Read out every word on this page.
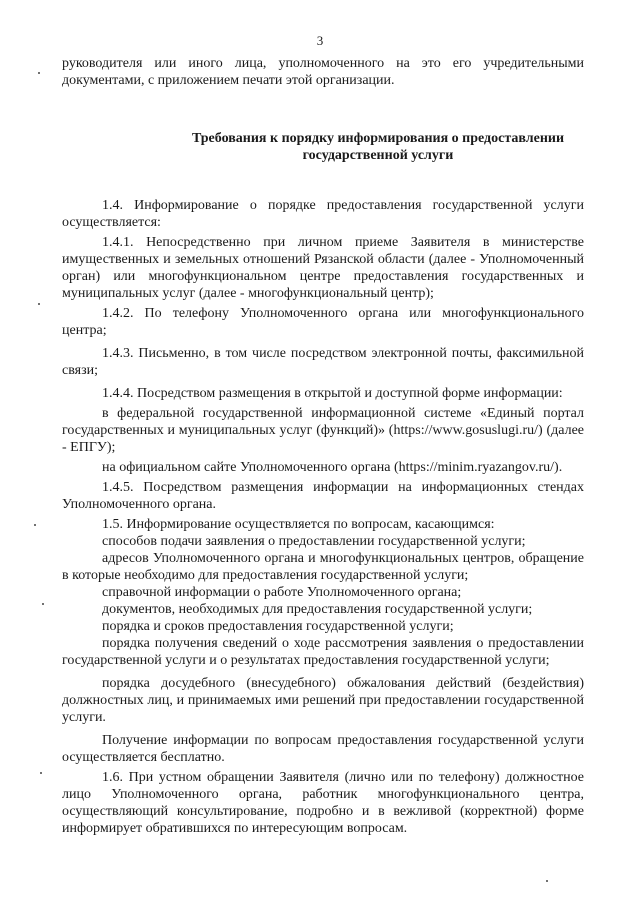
3

руководителя или иного лица, уполномоченного на это его учредительными документами, с приложением печати этой организации.

Требования к порядку информирования о предоставлении государственной услуги

1.4. Информирование о порядке предоставления государственной услуги осуществляется:

1.4.1. Непосредственно при личном приеме Заявителя в министерстве имущественных и земельных отношений Рязанской области (далее - Уполномоченный орган) или многофункциональном центре предоставления государственных и муниципальных услуг (далее - многофункциональный центр);

1.4.2. По телефону Уполномоченного органа или многофункционального центра;

1.4.3. Письменно, в том числе посредством электронной почты, факсимильной связи;

1.4.4. Посредством размещения в открытой и доступной форме информации:

в федеральной государственной информационной системе «Единый портал государственных и муниципальных услуг (функций)» (https://www.gosuslugi.ru/) (далее - ЕПГУ);

на официальном сайте Уполномоченного органа (https://minim.ryazangov.ru/).

1.4.5. Посредством размещения информации на информационных стендах Уполномоченного органа.

1.5. Информирование осуществляется по вопросам, касающимся:

способов подачи заявления о предоставлении государственной услуги;

адресов Уполномоченного органа и многофункциональных центров, обращение в которые необходимо для предоставления государственной услуги;

справочной информации о работе Уполномоченного органа;

документов, необходимых для предоставления государственной услуги;

порядка и сроков предоставления государственной услуги;

порядка получения сведений о ходе рассмотрения заявления о предоставлении государственной услуги и о результатах предоставления государственной услуги;

порядка досудебного (внесудебного) обжалования действий (бездействия) должностных лиц, и принимаемых ими решений при предоставлении государственной услуги.

Получение информации по вопросам предоставления государственной услуги осуществляется бесплатно.

1.6. При устном обращении Заявителя (лично или по телефону) должностное лицо Уполномоченного органа, работник многофункционального центра, осуществляющий консультирование, подробно и в вежливой (корректной) форме информирует обратившихся по интересующим вопросам.
